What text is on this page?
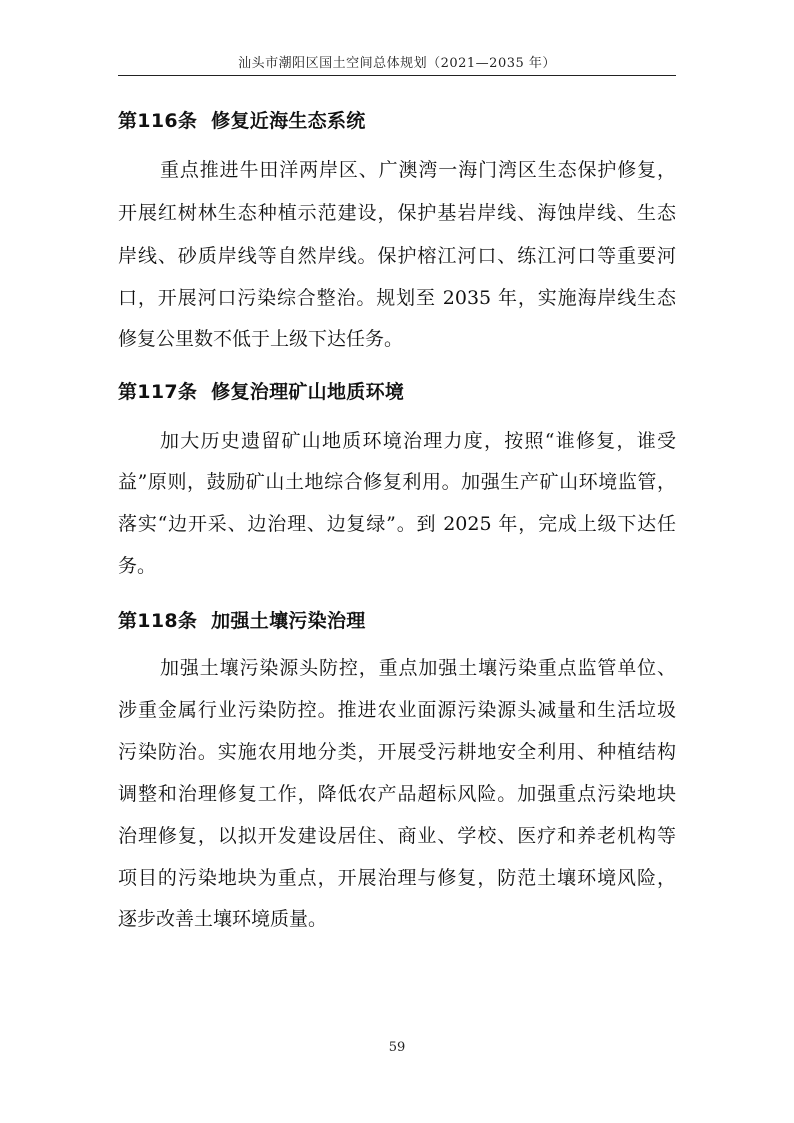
汕头市潮阳区国土空间总体规划（2021—2035 年）
第116条 修复近海生态系统
重点推进牛田洋两岸区、广澳湾一海门湾区生态保护修复，
开展红树林生态种植示范建设，保护基岩岸线、海蚀岸线、生态
岸线、砂质岸线等自然岸线。保护榕江河口、练江河口等重要河
口，开展河口污染综合整治。规划至 2035 年，实施海岸线生态
修复公里数不低于上级下达任务。
第117条 修复治理矿山地质环境
加大历史遗留矿山地质环境治理力度，按照“谁修复，谁受
益”原则，鼓励矿山土地综合修复利用。加强生产矿山环境监管，
落实“边开采、边治理、边复绿”。到 2025 年，完成上级下达任
务。
第118条 加强土壤污染治理
加强土壤污染源头防控，重点加强土壤污染重点监管单位、
涉重金属行业污染防控。推进农业面源污染源头减量和生活垃圾
污染防治。实施农用地分类，开展受污耕地安全利用、种植结构
调整和治理修复工作，降低农产品超标风险。加强重点污染地块
治理修复，以拟开发建设居住、商业、学校、医疗和养老机构等
项目的污染地块为重点，开展治理与修复，防范土壤环境风险，
逐步改善土壤环境质量。
59
